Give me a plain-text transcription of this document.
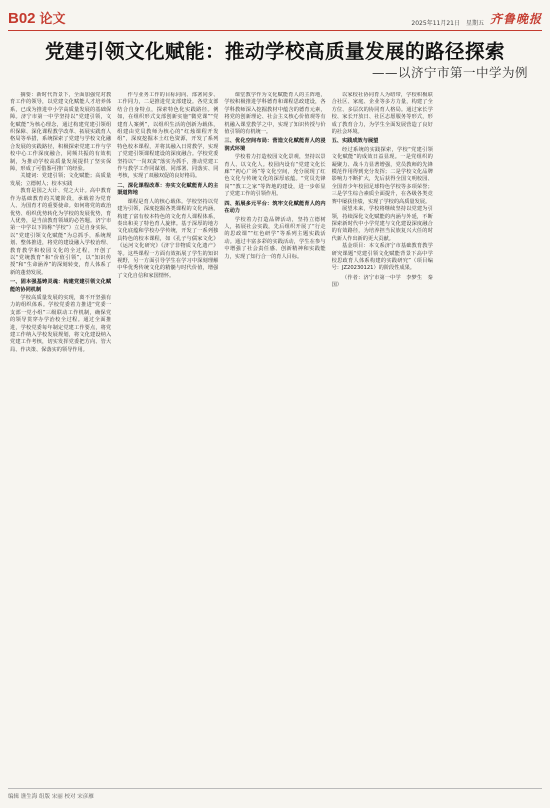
B02 论文	2025年11月21日 星期五 齐鲁晚报
党建引领文化赋能：推动学校高质量发展的路径探索
——以济宁市第一中学为例

摘要：新时代背景下，全面加强党对教育工作的领导，以党建文化赋能人才培养体系，已成为推进中小学高质量发展的基础保障。济宁市第一中学坚持以“党建引领，文化赋能”为核心理念，通过构建党建引领组织保障、深化课程教学改革、拓展实践育人格局等举措，系统探索了党建与学校文化融合发展的实践路径，积极探索党建工作与学校中心工作深度融合，同频共振的有效机制，为推动学校高质量发展提供了坚实保障，形成了可借鉴可推广的经验。

关键词：党建引领；文化赋能；高质量发展；立德树人；校本实践

教育是国之大计、党之大计。高中教育作为基础教育的关键阶段，承载着为党育人、为国育才的重要使命。如何将党的政治优势、组织优势转化为学校的发展优势，育人优势，是当前教育领域的必答题。济宁市第一中学以下简称“学校”）立足自身实际，以“党建引领文化赋能”为总抓手，系统规划、整体推进，将党的建设融入学校治理、教育教学和校园文化的全过程，开创了以“党统教育”和“价值引领”，以“知识传授”和“生命涵养”的深刻转变，育人体系了新的蓬勃发展。

一、固本强基铸灵魂：构建党建引领文化赋能的协同机制

学校高质量发展的实现，离不开坚强有力的组织体系。学校党委着力推进“党委一支部一党小组”三级联动工作机制，确保党的领导贯穿办学治校全过程。通过全面推进，学校党委每年制定党建工作要点，将党建工作纳入学校发展规划，将文化建设纳入党建工作考核，切实发挥党委把方向、管大局、作决策、保落实的领导作用。

作与业务工作的目标同向、部署同步、工作同力，二是推进党支部建设。各党支部结合自身特点，探索特色化实践路径。例如，在组织形式支部创新实施“微党课”“党建育人案例”，以组织生活的创新为载体，组建由党员教师为核心的“红烛课程开发组”，深度挖掘本土红色资源，开发了系列特色校本课程，并将其融入日常教学，实现了党建引领课程建设的深度融合。学校党委坚持以“一岗双责”落实为抓手，推动党建工作与教学工作同谋划、同部署、同落实、同考核，实现了双融双促的良好格局。

二、深化课程改革：夯实文化赋能育人的主渠道阵地

课程是育人的核心载体。学校坚持以党建为引领，深度挖掘各类课程的文化内涵，构建了富有校本特色的文化育人课程体系，奏出和美了特色育人旋律。基于深厚的地方文化底蕴和学校办学传统，开发了一系列独具特色的校本课程，如《孔子与儒家文化》《运河文化研究》《济宁非物质文化遗产》等。这些课程一方面有效拓展了学生的知识视野，另一方面引导学生在学习中深刻理解中华优秀传统文化的精髓与时代价值，增强了文化自信和家国情怀。

课堂教学作为文化赋能育人的主阵地，学校积极推进学科德育和课程思政建设，各学科教师深入挖掘教材中蕴含的德育元素，将党的创新理论、社会主义核心价值观等有机融入课堂教学之中，实现了知识传授与价值引领的有机统一。

三、优化空间布局：营造文化赋能育人的浸润式环境

学校着力打造校园文化景观，坚持以景育人、以文化人。校园内设有“党建文化长廊”“初心广场”等文化空间，充分展现了红色文化与传统文化的深厚底蕴。“党员先锋岗”“教工之家”等阵地的建设，进一步彰显了党建工作的引领作用。

四、拓展多元平台：筑牢文化赋能育人的内在动力

学校着力打造品牌活动，坚持立德树人，拓展社会实践，先后组织开展了“行走的思政课”“红色研学”等系列主题实践活动。通过丰富多彩的实践活动，学生在参与中增强了社会责任感、创新精神和实践能力，实现了知行合一的育人目标。

以家校社协同育人为纽带，学校积极联合社区、家庭、企业等多方力量，构建了全方位、多层次的协同育人格局。通过家长学校、家长开放日、社区志愿服务等形式，形成了教育合力，为学生全面发展营造了良好的社会环境。

五、实践成效与展望

经过系统的实践探索，学校“党建引领文化赋能”的成效日益显现。一是党组织的凝聚力、战斗力显著增强，党员教师的先锋模范作用得到充分发挥；二是学校文化品牌影响力不断扩大，先后获得全国文明校园、全国青少年校园足球特色学校等多项荣誉；三是学生综合素质全面提升，在各级各类竞赛中屡获佳绩，实现了学校的高质量发展。

展望未来，学校将继续坚持以党建为引领，持续深化文化赋能的内涵与外延，不断探索新时代中小学党建与文化建设深度融合的有效路径，为培养担当民族复兴大任的时代新人作出新的更大贡献。

基金项目：本文系济宁市基础教育教学研究课题“党建引领文化赋能背景下高中学校思政育人体系构建的实践研究”（项目编号：JZ20230121）的阶段性成果。

（作者：济宁市第一中学　李梦生　秦国）

编辑 谯生海 组版 宋丽 校对 宋彦雁
